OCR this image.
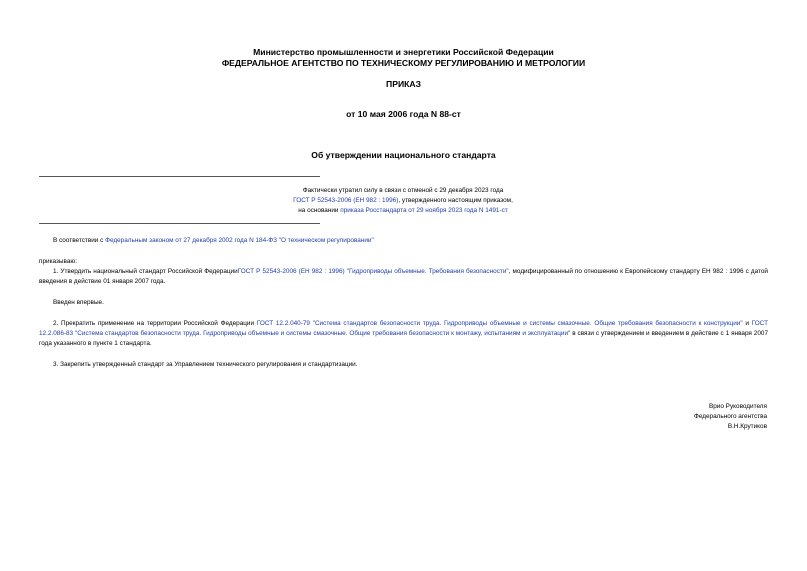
Министерство промышленности и энергетики Российской Федерации
ФЕДЕРАЛЬНОЕ АГЕНТСТВО ПО ТЕХНИЧЕСКОМУ РЕГУЛИРОВАНИЮ И МЕТРОЛОГИИ
ПРИКАЗ
от 10 мая 2006 года N 88-ст
Об утверждении национального стандарта
Фактически утратил силу в связи с отменой с 29 декабря 2023 года
ГОСТ Р 52543-2006 (ЕН 982 : 1996), утвержденного настоящим приказом,
на основании приказа Росстандарта от 29 ноября 2023 года N 1491-ст
В соответствии с Федеральным законом от 27 декабря 2002 года N 184-ФЗ "О техническом регулировании"
приказываю:
1. Утвердить национальный стандарт Российской ФедерацииГОСТ Р 52543-2006 (ЕН 982 : 1996) "Гидроприводы объемные. Требования безопасности", модифицированный по отношению к Европейскому стандарту ЕН 982 : 1996 с датой введения в действие 01 января 2007 года.
Введен впервые.
2. Прекратить применение на территории Российской Федерации ГОСТ 12.2.040-79 "Система стандартов безопасности труда. Гидроприводы объемные и системы смазочные. Общие требования безопасности к конструкции" и ГОСТ 12.2.086-83 "Система стандартов безопасности труда. Гидроприводы объемные и системы смазочные. Общие требования безопасности к монтажу, испытаниям и эксплуатации" в связи с утверждением и введением в действие с 1 января 2007 года указанного в пункте 1 стандарта.
3. Закрепить утвержденный стандарт за Управлением технического регулирования и стандартизации.
Врио Руководителя
Федерального агентства
В.Н.Крутиков
